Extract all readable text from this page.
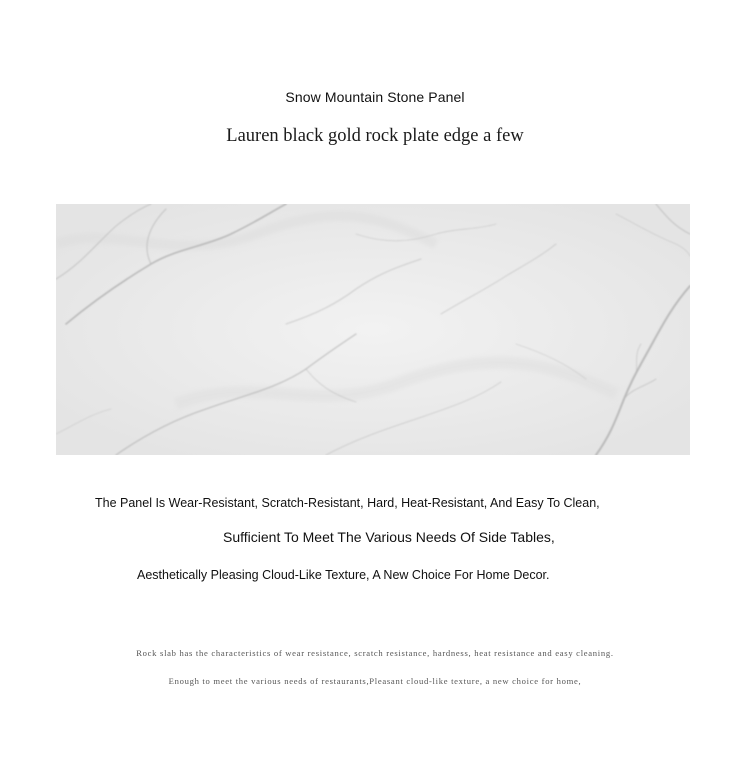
Snow Mountain Stone Panel
Lauren black gold rock plate edge a few
The Panel Is Wear-Resistant, Scratch-Resistant, Hard, Heat-Resistant, And Easy To Clean,
Sufficient To Meet The Various Needs Of Side Tables,
Aesthetically Pleasing Cloud-Like Texture, A New Choice For Home Decor.
Rock slab has the characteristics of wear resistance, scratch resistance, hardness, heat resistance and easy cleaning.
Enough to meet the various needs of restaurants,Pleasant cloud-like texture, a new choice for home,
